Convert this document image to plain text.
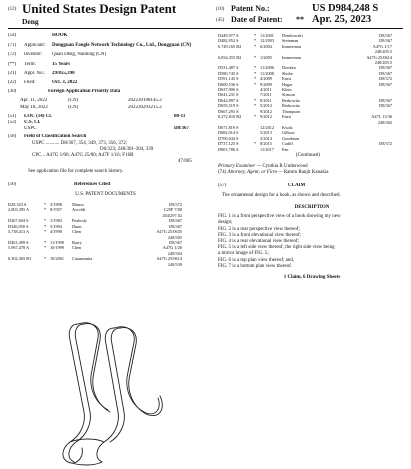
(12) United States Design Patent
Deng
(10) Patent No.:	US D984,248 S
(45) Date of Patent: ** Apr. 25, 2023
(54)	HOOK
(71)	Applicant:	Dongguan Fangle Network Technology Co., Ltd., Dongguan (CN)
(72)	Inventor:	Quan Deng, Nanning (CN)
(**)	Term:	15 Years
(21)	Appl. No.:	29/855,390
(22)	Filed:	Oct. 3, 2022
(30)	Foreign Application Priority Data
Apr. 11, 2022	(CN)	202230198145.2
May 18, 2022	(CN)	202230293215.2
(51)	LOC (14) Cl.	08-11
(52)	U.S. Cl.
USPC	D8/367
(58)	Field of Classification Search
USPC ........... D8/367, 354, 349, 373, 356, 372;
D6/323; 248/301-304, 339
CPC .. A47G 1/00; A47G 25/00; A47F 1/16; F16B
47/005
See application file for complete search history.
(56)	References Cited
U.S. PATENT DOCUMENTS
D28,323 S	* 3/1898	Mason	D8/372
2,803,395 A	* 8/1957	Ascoldi	C25F 7/00
204/297.02
D267,604 S	* 1/1983	Peabody	D8/367
D346,950 S	* 5/1994	Dunn	D8/367
5,738,413 A	* 4/1998	Chen	A47G 25/0635
248/305
D401,499 S	* 11/1998	Barry	D8/367
5,967,478 A	* 10/1999	Chen	A47G 1/20
248/304
6,302,365 B1	* 10/2001	Catanzanita	A47G 25/0614
248/339
D449,977 S	* 11/2001	Dembowski	D8/367
D482,952 S	* 12/2003	Steinman	D8/367
6,749,165 B2	* 6/2004	Immerman	A47G 1/17
248/205.5
6,834,355 B2	* 1/2005	Immerman	A47G 25/0614
248/205.5
D531,487 S	* 11/2006	Dretzka	D8/367
D580,745 S	* 11/2008	Shohe	D8/367
D591,145 S	* 4/2009	Ernst	D8/372
D600,536 S	* 9/2009	Hagar	D8/367
D637,906 S	4/2011	Klein
D641,231 S	7/2011	Stinson
D642,897 S	* 8/2011	Berkowitz	D8/367
D659,519 S	* 5/2012	Berkowitz	D8/367
D667,293 S	9/2012	Thompson
8,272,610 B2	* 9/2012	Ernst	A47L 13/36
248/302
D671,819 S	12/2012	Kwok
D682,014 S	5/2013	Gilbow
D700,044 S	2/2014	Goodman
D737,125 S	* 8/2015	Cadiff	D8/372
D801,786 S	11/2017	Pan
(Continued)
Primary Examiner — Cynthia R Underwood
(74) Attorney, Agent, or Firm — Ramin Ranjit Kanakia
(57)	CLAIM
The ornamental design for a hook, as shown and described.
DESCRIPTION
FIG. 1 is a front perspective view of a hook showing my new
design;
FIG. 2 is a rear perspective view thereof;
FIG. 3 is a front elevational view thereof;
FIG. 4 is a rear elevational view thereof;
FIG. 5 is a left side view thereof, the right side view being
a mirror image of FIG. 5;
FIG. 6 is a top plan view thereof; and,
FIG. 7 is a bottom plan view thereof.
1 Claim, 6 Drawing Sheets
